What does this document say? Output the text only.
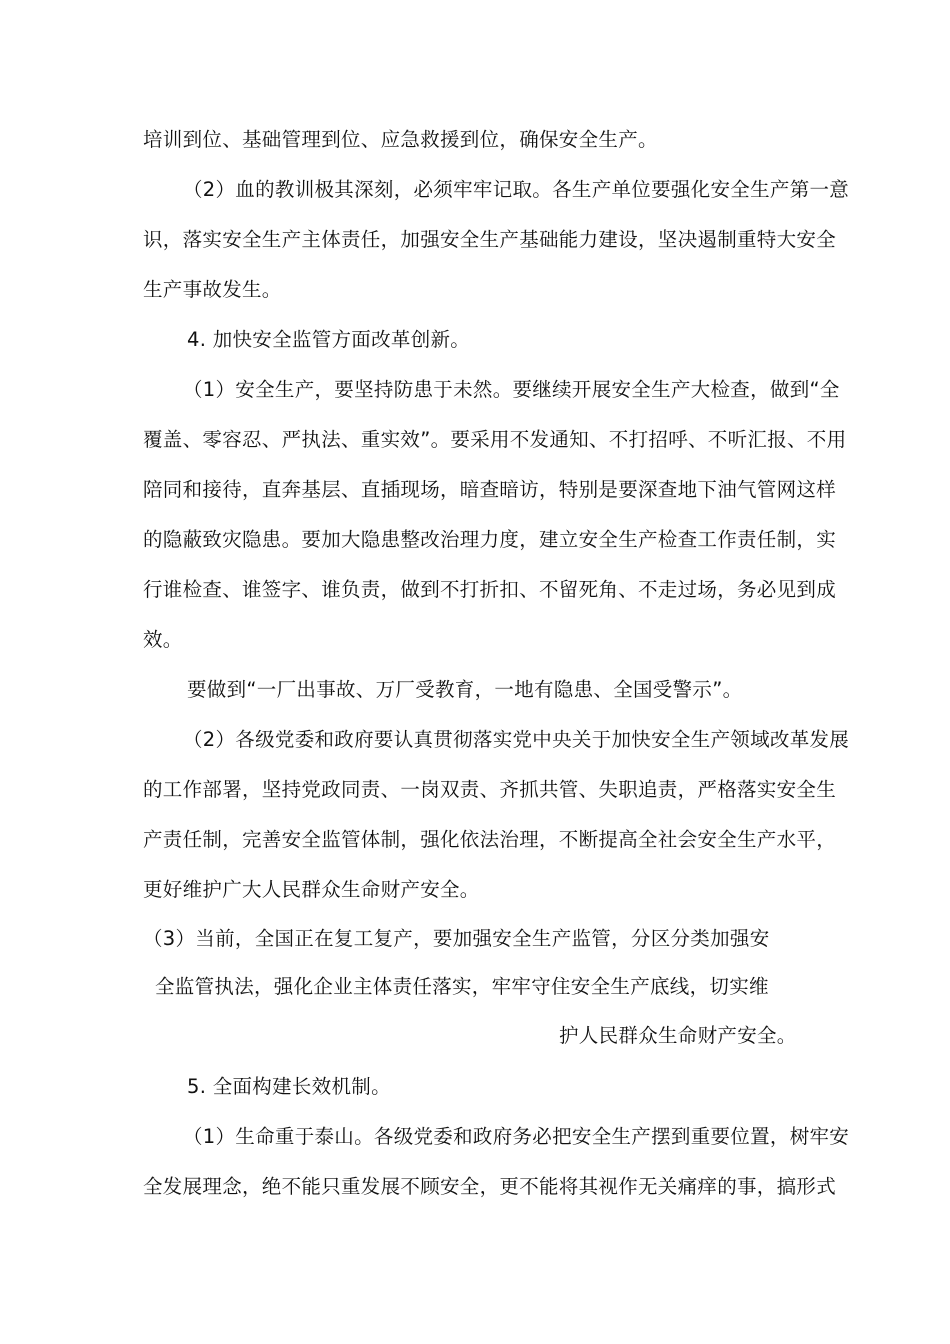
培训到位、基础管理到位、应急救援到位，确保安全生产。
（2）血的教训极其深刻，必须牢牢记取。各生产单位要强化安全生产第一意
识，落实安全生产主体责任，加强安全生产基础能力建设，坚决遏制重特大安全
生产事故发生。
4. 加快安全监管方面改革创新。
（1）安全生产，要坚持防患于未然。要继续开展安全生产大检查，做到“全
覆盖、零容忍、严执法、重实效”。要采用不发通知、不打招呼、不听汇报、不用
陪同和接待，直奔基层、直插现场，暗查暗访，特别是要深查地下油气管网这样
的隐蔽致灾隐患。要加大隐患整改治理力度，建立安全生产检查工作责任制，实
行谁检查、谁签字、谁负责，做到不打折扣、不留死角、不走过场，务必见到成
效。
要做到“一厂出事故、万厂受教育，一地有隐患、全国受警示”。
（2）各级党委和政府要认真贯彻落实党中央关于加快安全生产领域改革发展
的工作部署，坚持党政同责、一岗双责、齐抓共管、失职追责，严格落实安全生
产责任制，完善安全监管体制，强化依法治理，不断提高全社会安全生产水平，
更好维护广大人民群众生命财产安全。
（3）当前，全国正在复工复产，要加强安全生产监管，分区分类加强安
全监管执法，强化企业主体责任落实，牢牢守住安全生产底线，切实维
护人民群众生命财产安全。
5. 全面构建长效机制。
（1）生命重于泰山。各级党委和政府务必把安全生产摆到重要位置，树牢安
全发展理念，绝不能只重发展不顾安全，更不能将其视作无关痛痒的事，搞形式
